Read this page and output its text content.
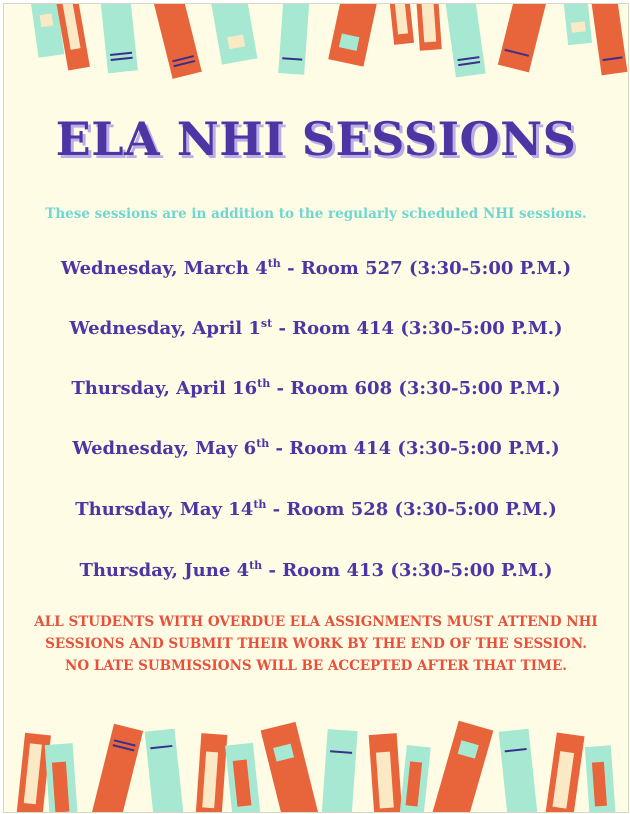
ELA NHI SESSIONS

These sessions are in addition to the regularly scheduled NHI sessions.

Wednesday, March 4th - Room 527 (3:30-5:00 P.M.)

Wednesday, April 1st - Room 414 (3:30-5:00 P.M.)

Thursday, April 16th - Room 608 (3:30-5:00 P.M.)

Wednesday, May 6th - Room 414 (3:30-5:00 P.M.)

Thursday, May 14th - Room 528 (3:30-5:00 P.M.)

Thursday, June 4th - Room 413 (3:30-5:00 P.M.)

ALL STUDENTS WITH OVERDUE ELA ASSIGNMENTS MUST ATTEND NHI
SESSIONS AND SUBMIT THEIR WORK BY THE END OF THE SESSION.
NO LATE SUBMISSIONS WILL BE ACCEPTED AFTER THAT TIME.
